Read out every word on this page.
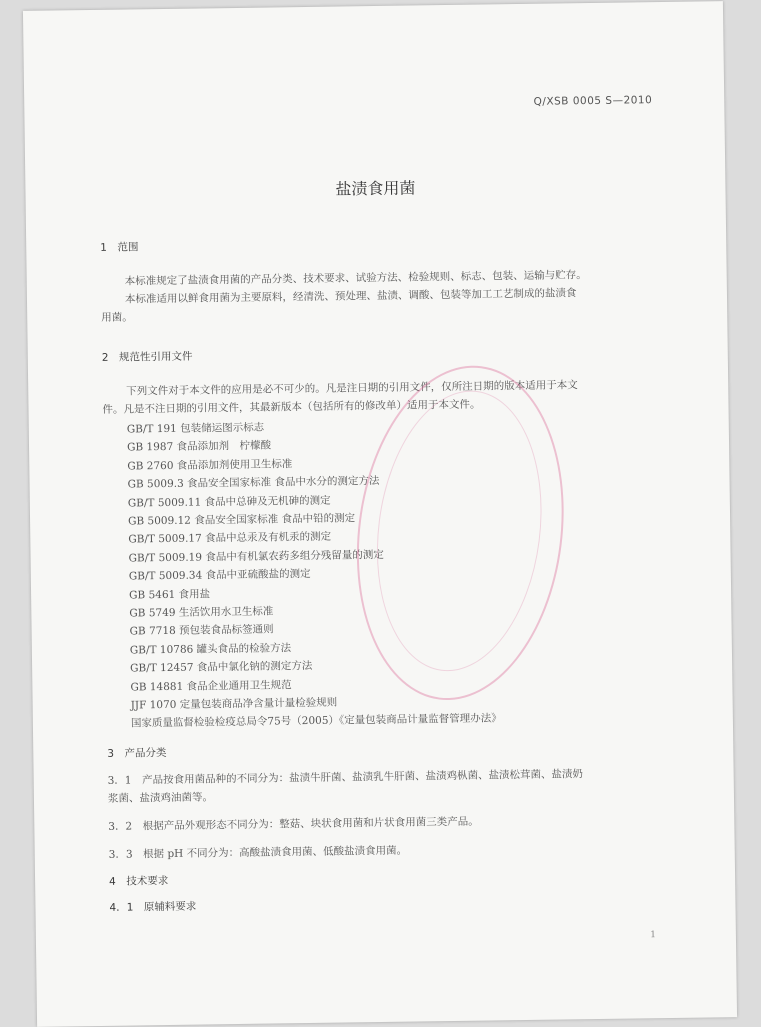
Q/XSB 0005 S—2010
盐渍食用菌
1　范围
本标准规定了盐渍食用菌的产品分类、技术要求、试验方法、检验规则、标志、包装、运输与贮存。
本标准适用以鲜食用菌为主要原料，经清洗、预处理、盐渍、调酸、包装等加工工艺制成的盐渍食
用菌。
2　规范性引用文件
下列文件对于本文件的应用是必不可少的。凡是注日期的引用文件，仅所注日期的版本适用于本文
件。凡是不注日期的引用文件，其最新版本（包括所有的修改单）适用于本文件。
GB/T 191 包装储运图示标志
GB 1987 食品添加剂　柠檬酸
GB 2760 食品添加剂使用卫生标准
GB 5009.3 食品安全国家标准 食品中水分的测定方法
GB/T 5009.11 食品中总砷及无机砷的测定
GB 5009.12 食品安全国家标准 食品中铅的测定
GB/T 5009.17 食品中总汞及有机汞的测定
GB/T 5009.19 食品中有机氯农药多组分残留量的测定
GB/T 5009.34 食品中亚硫酸盐的测定
GB 5461 食用盐
GB 5749 生活饮用水卫生标准
GB 7718 预包装食品标签通则
GB/T 10786 罐头食品的检验方法
GB/T 12457 食品中氯化钠的测定方法
GB 14881 食品企业通用卫生规范
JJF 1070 定量包装商品净含量计量检验规则
国家质量监督检验检疫总局令75号（2005）《定量包装商品计量监督管理办法》
3　产品分类
3．1　产品按食用菌品种的不同分为：盐渍牛肝菌、盐渍乳牛肝菌、盐渍鸡枞菌、盐渍松茸菌、盐渍奶
浆菌、盐渍鸡油菌等。
3．2　根据产品外观形态不同分为：整菇、块状食用菌和片状食用菌三类产品。
3．3　根据 pH 不同分为：高酸盐渍食用菌、低酸盐渍食用菌。
4　技术要求
4．1　原辅料要求
1
